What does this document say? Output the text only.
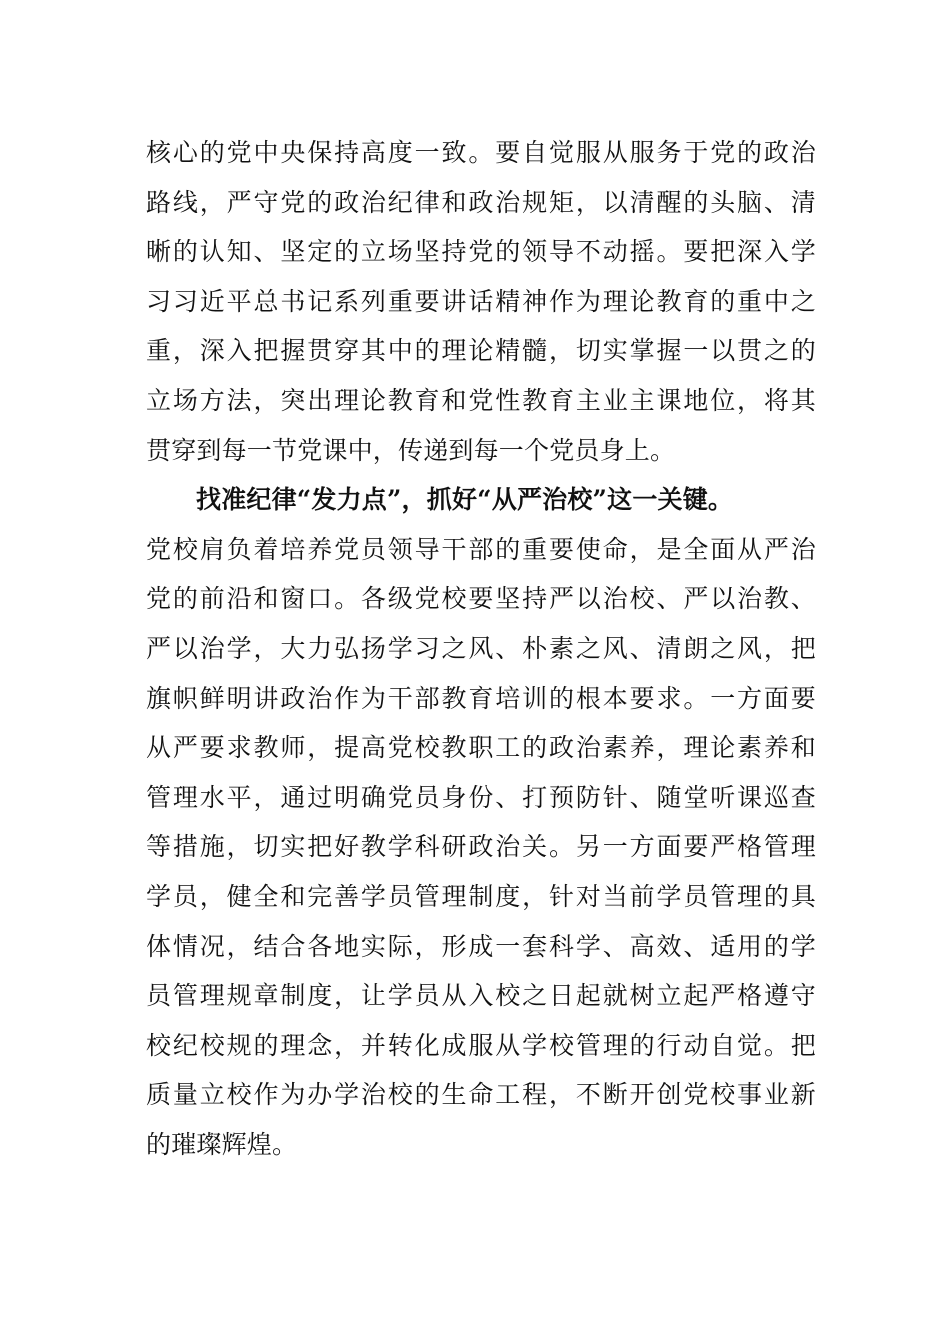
核心的党中央保持高度一致。要自觉服从服务于党的政治
路线，严守党的政治纪律和政治规矩，以清醒的头脑、清
晰的认知、坚定的立场坚持党的领导不动摇。要把深入学
习习近平总书记系列重要讲话精神作为理论教育的重中之
重，深入把握贯穿其中的理论精髓，切实掌握一以贯之的
立场方法，突出理论教育和党性教育主业主课地位，将其
贯穿到每一节党课中，传递到每一个党员身上。
找准纪律“发力点”，抓好“从严治校”这一关键。
党校肩负着培养党员领导干部的重要使命，是全面从严治
党的前沿和窗口。各级党校要坚持严以治校、严以治教、
严以治学，大力弘扬学习之风、朴素之风、清朗之风，把
旗帜鲜明讲政治作为干部教育培训的根本要求。一方面要
从严要求教师，提高党校教职工的政治素养，理论素养和
管理水平，通过明确党员身份、打预防针、随堂听课巡查
等措施，切实把好教学科研政治关。另一方面要严格管理
学员，健全和完善学员管理制度，针对当前学员管理的具
体情况，结合各地实际，形成一套科学、高效、适用的学
员管理规章制度，让学员从入校之日起就树立起严格遵守
校纪校规的理念，并转化成服从学校管理的行动自觉。把
质量立校作为办学治校的生命工程，不断开创党校事业新
的璀璨辉煌。
